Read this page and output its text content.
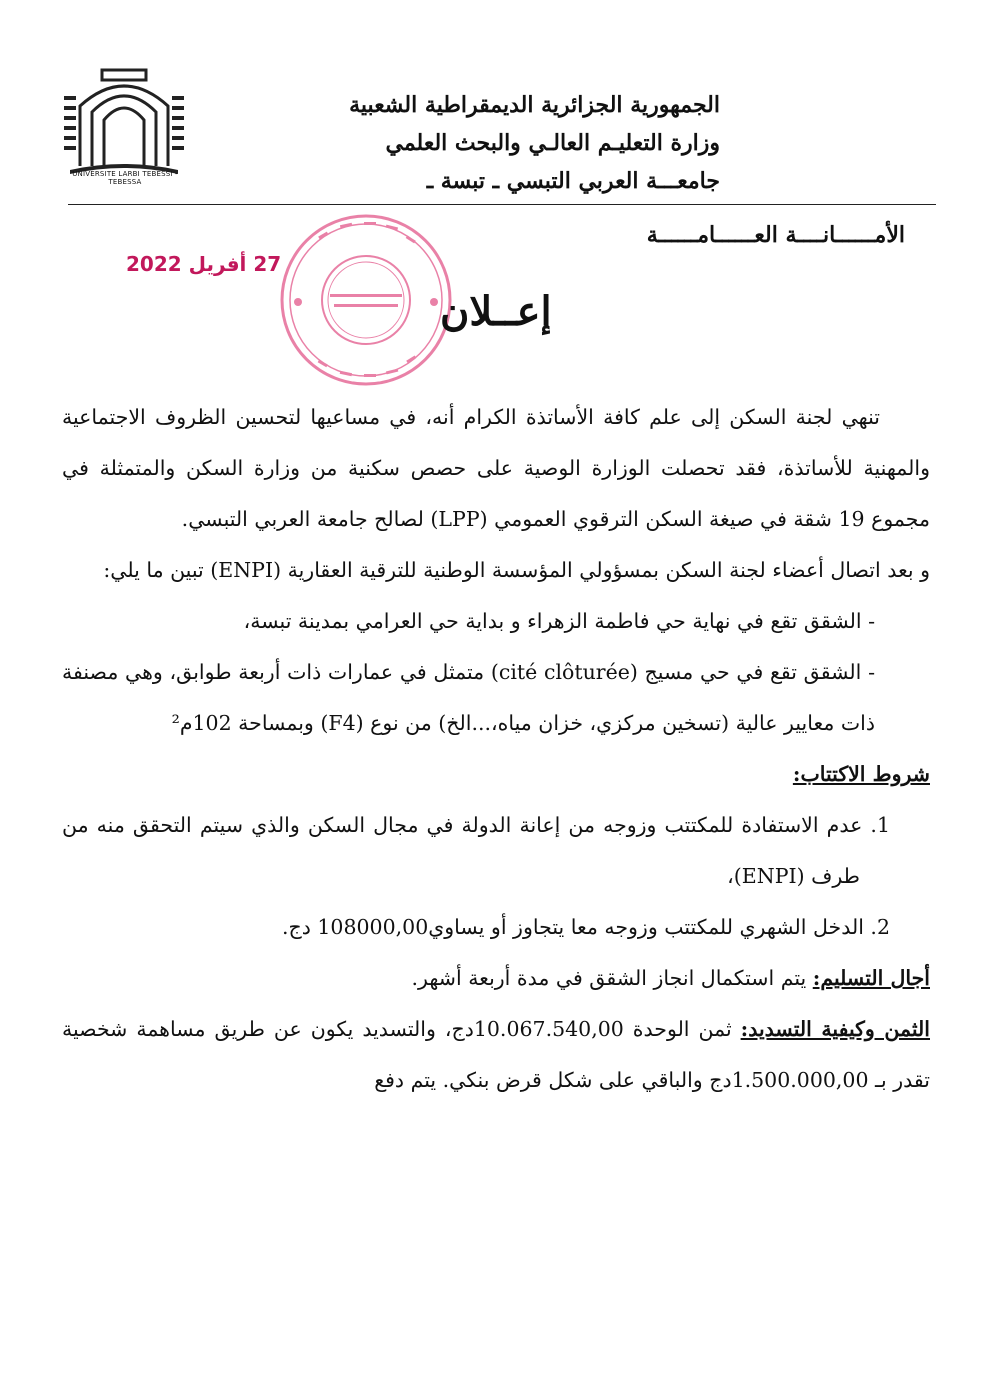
UNIVERSITE LARBI TEBESSI - TEBESSA
الجمهورية الجزائرية الديمقراطية الشعبية
وزارة التعليـم العالـي والبحث العلمي
جامعـــة العربي التبسي ـ تبسة ـ
الأمــــــانــــة العــــــامــــــة
27 أفريل 2022
إعــلان

تنهي لجنة السكن إلى علم كافة الأساتذة الكرام أنه، في مساعيها لتحسين الظروف الاجتماعية والمهنية للأساتذة، فقد تحصلت الوزارة الوصية على حصص سكنية من وزارة السكن والمتمثلة في مجموع 19 شقة في صيغة السكن الترقوي العمومي (LPP) لصالح جامعة العربي التبسي.

و بعد اتصال أعضاء لجنة السكن بمسؤولي المؤسسة الوطنية للترقية العقارية (ENPI) تبين ما يلي:

- الشقق تقع في نهاية حي فاطمة الزهراء و بداية حي العرامي بمدينة تبسة،

- الشقق تقع في حي مسيج (cité clôturée) متمثل في عمارات ذات أربعة طوابق، وهي مصنفة ذات معايير عالية (تسخين مركزي، خزان مياه،...الخ) من نوع (F4) وبمساحة 102م²

شروط الاكتتاب:

1. عدم الاستفادة للمكتتب وزوجه من إعانة الدولة في مجال السكن والذي سيتم التحقق منه من طرف (ENPI)،
2. الدخل الشهري للمكتتب وزوجه معا يتجاوز أو يساوي108000,00 دج.

أجال التسليم: يتم استكمال انجاز الشقق في مدة أربعة أشهر.

الثمن وكيفية التسديد: ثمن الوحدة 10.067.540,00دج، والتسديد يكون عن طريق مساهمة شخصية تقدر بـ 1.500.000,00دج والباقي على شكل قرض بنكي. يتم دفع
